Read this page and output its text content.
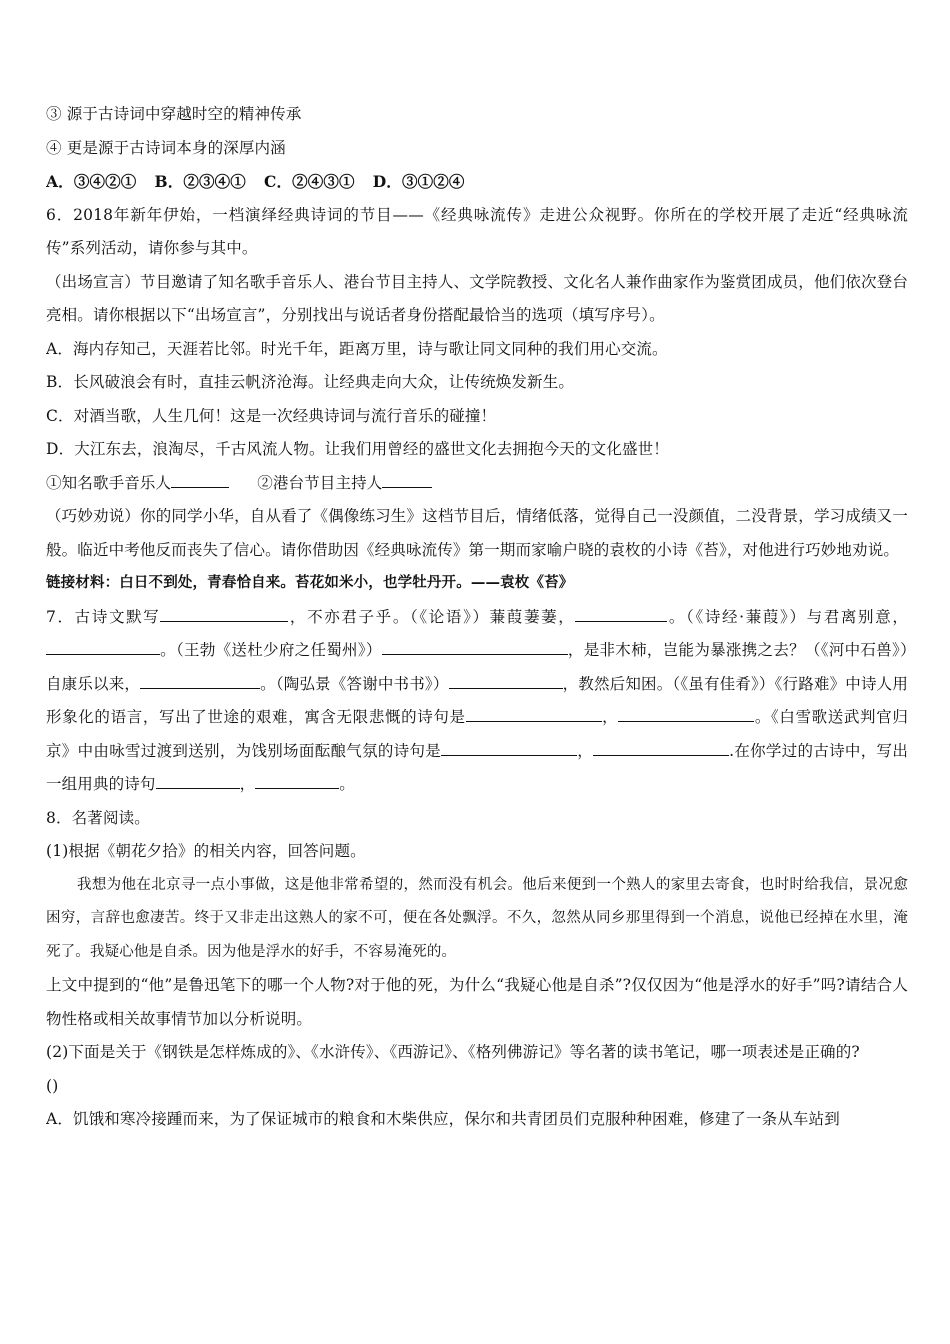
③ 源于古诗词中穿越时空的精神传承
④ 更是源于古诗词本身的深厚内涵
A．③④②① B．②③④① C．②④③① D．③①②④
6．2018年新年伊始，一档演绎经典诗词的节目——《经典咏流传》走进公众视野。你所在的学校开展了走近“经典咏流传”系列活动，请你参与其中。
（出场宣言）节目邀请了知名歌手音乐人、港台节目主持人、文学院教授、文化名人兼作曲家作为鉴赏团成员，他们依次登台亮相。请你根据以下“出场宣言”，分别找出与说话者身份搭配最恰当的选项（填写序号）。
A．海内存知己，天涯若比邻。时光千年，距离万里，诗与歌让同文同种的我们用心交流。
B．长风破浪会有时，直挂云帆济沧海。让经典走向大众，让传统焕发新生。
C．对酒当歌，人生几何！这是一次经典诗词与流行音乐的碰撞！
D．大江东去，浪淘尽，千古风流人物。让我们用曾经的盛世文化去拥抱今天的文化盛世！
①知名歌手音乐人	②港台节目主持人
（巧妙劝说）你的同学小华，自从看了《偶像练习生》这档节目后，情绪低落，觉得自己一没颜值，二没背景，学习成绩又一般。临近中考他反而丧失了信心。请你借助因《经典咏流传》第一期而家喻户晓的袁枚的小诗《苔》，对他进行巧妙地劝说。
链接材料：白日不到处，青春恰自来。苔花如米小，也学牡丹开。——袁枚《苔》
7．古诗文默写	，不亦君子乎。（《论语》）蒹葭萋萋，	。（《诗经·蒹葭》）与君离别意，。（王勃《送杜少府之任蜀州》）	，是非木柿，岂能为暴涨携之去？（《河中石兽》）自康乐以来，	。（陶弘景《答谢中书书》）	，教然后知困。（《虽有佳肴》）《行路难》中诗人用形象化的语言，写出了世途的艰难，寓含无限悲慨的诗句是	，	。《白雪歌送武判官归京》中由咏雪过渡到送别，为饯别场面酝酿气氛的诗句是	，	.在你学过的古诗中，写出一组用典的诗句	，	。
8．名著阅读。
(1)根据《朝花夕拾》的相关内容，回答问题。
我想为他在北京寻一点小事做，这是他非常希望的，然而没有机会。他后来便到一个熟人的家里去寄食，也时时给我信，景况愈困穷，言辞也愈凄苦。终于又非走出这熟人的家不可，便在各处飘浮。不久，忽然从同乡那里得到一个消息，说他已经掉在水里，淹死了。我疑心他是自杀。因为他是浮水的好手，不容易淹死的。
上文中提到的“他”是鲁迅笔下的哪一个人物?对于他的死，为什么“我疑心他是自杀”?仅仅因为“他是浮水的好手”吗?请结合人物性格或相关故事情节加以分析说明。
(2)下面是关于《钢铁是怎样炼成的》、《水浒传》、《西游记》、《格列佛游记》等名著的读书笔记，哪一项表述是正确的?
()
A．饥饿和寒冷接踵而来，为了保证城市的粮食和木柴供应，保尔和共青团员们克服种种困难，修建了一条从车站到
